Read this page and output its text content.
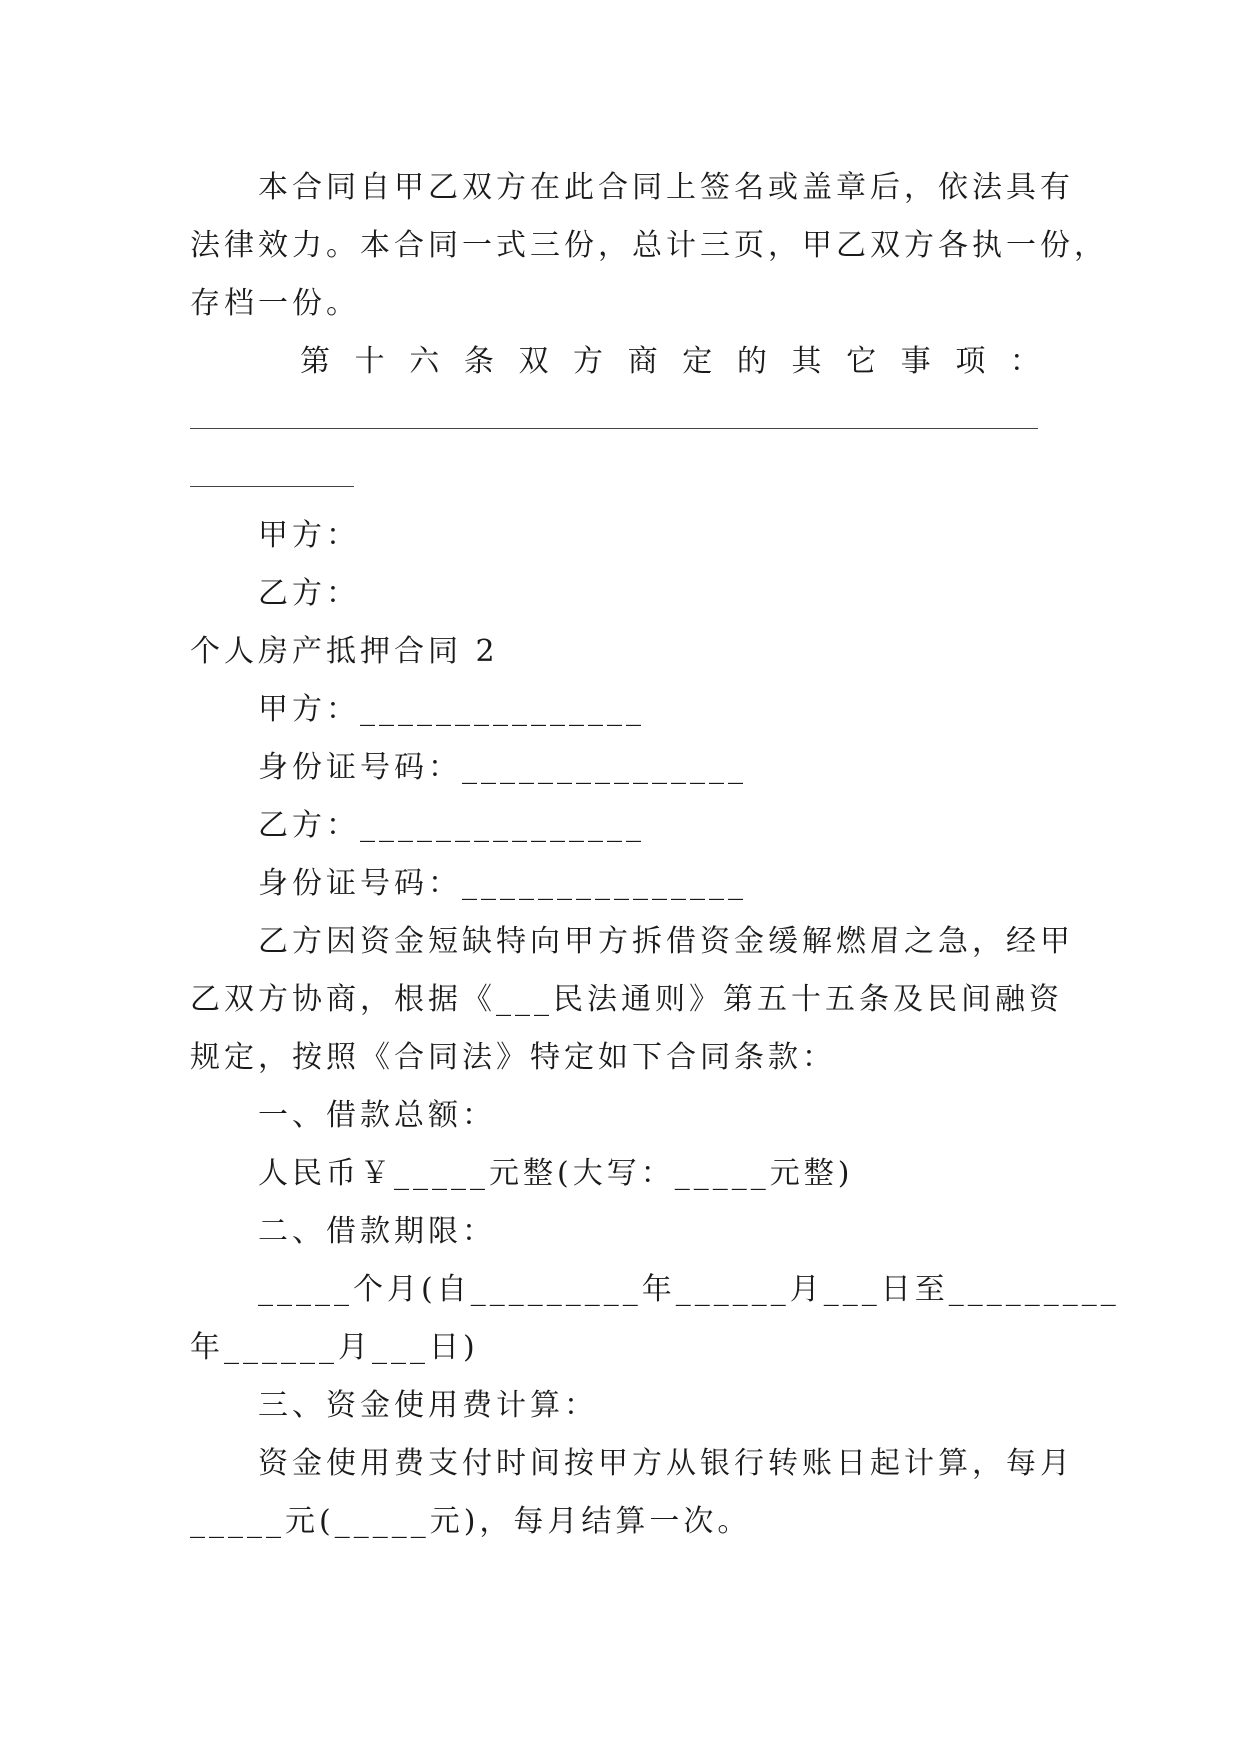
本合同自甲乙双方在此合同上签名或盖章后，依法具有
法律效力。本合同一式三份，总计三页，甲乙双方各执一份，
存档一份。
第 十 六 条 双 方 商 定 的 其 它 事 项 ：
甲方：
乙方：
个人房产抵押合同 2
甲方：_______________
身份证号码：_______________
乙方：_______________
身份证号码：_______________
乙方因资金短缺特向甲方拆借资金缓解燃眉之急，经甲
乙双方协商，根据《___民法通则》第五十五条及民间融资
规定，按照《合同法》特定如下合同条款：
一、借款总额：
人民币￥_____元整(大写：_____元整)
二、借款期限：
_____个月(自_________年______月___日至_________
年______月___日)
三、资金使用费计算：
资金使用费支付时间按甲方从银行转账日起计算，每月
_____元(_____元)，每月结算一次。
